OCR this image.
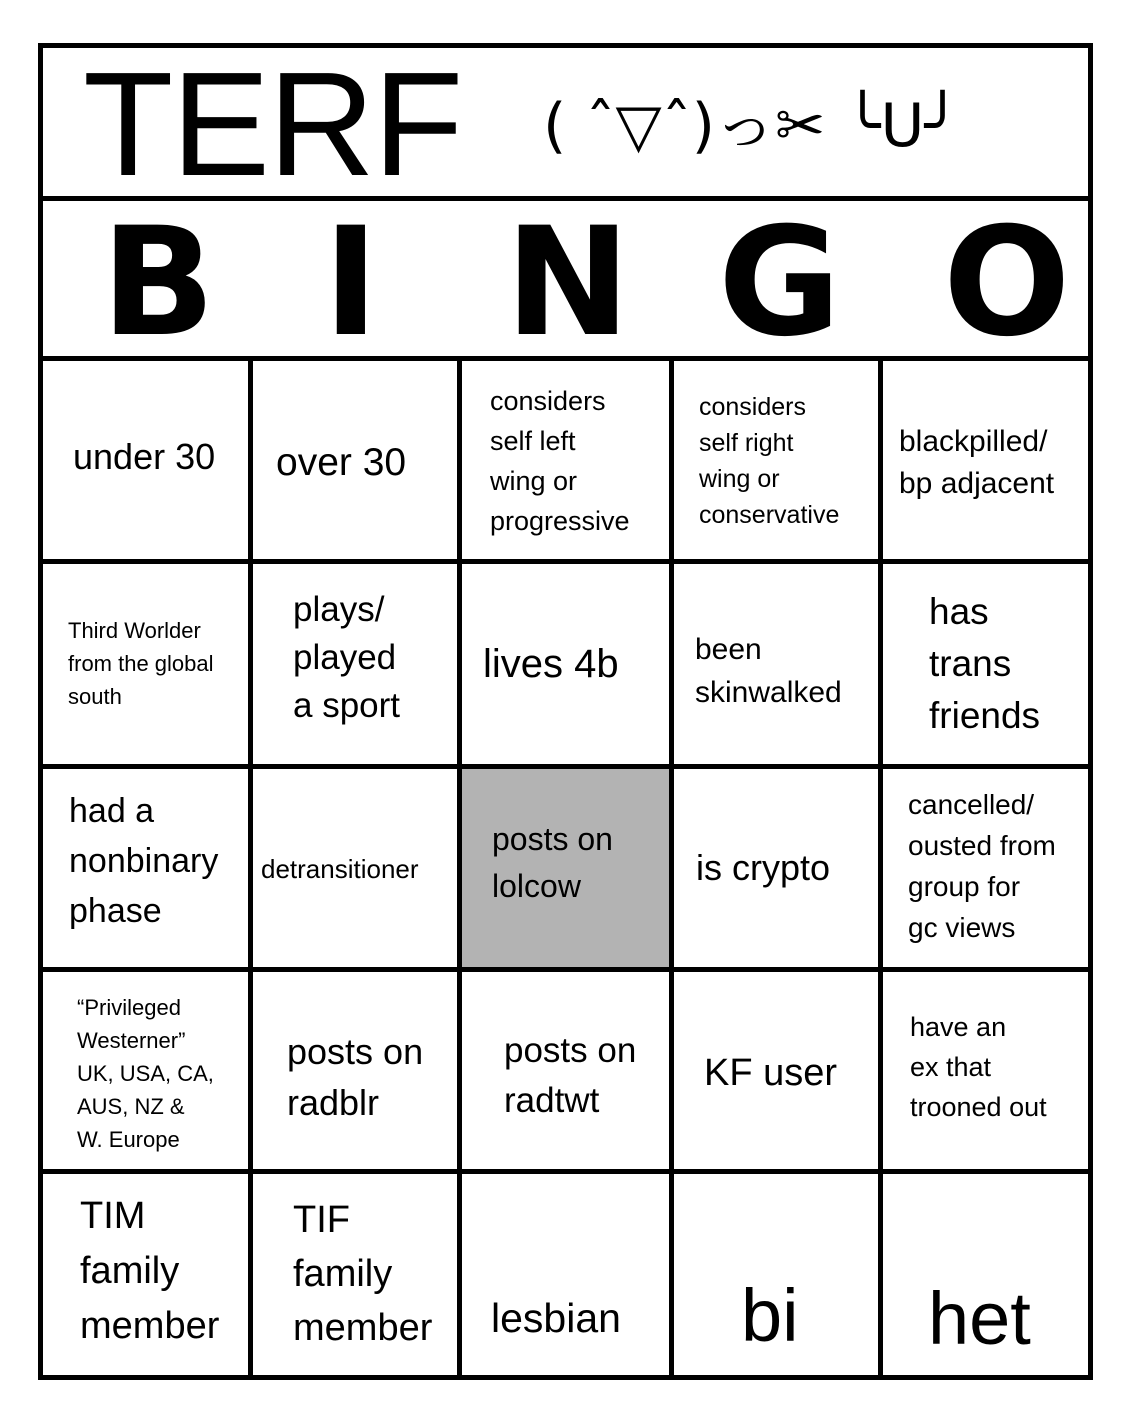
TERF ( ˆ▽ˆ)っ✂ ╰U╯
B I N G O
under 30 over 30
considers
self left
wing or
progressive
considers
self right
wing or
conservative
blackpilled/
bp adjacent
Third Worlder
from the global
south
plays/
played
a sport
lives 4b	been
skinwalked
has
trans
friends
had a
nonbinary
phase
detransitioner
posts on
lolcow	is crypto
cancelled/
ousted from
group for
gc views
“Privileged
Westerner”
UK, USA, CA,
AUS, NZ &
W. Europe
posts on
radblr
posts on
radtwt
KF user
have an
ex that
trooned out
TIM
family
member
TIF
family
member lesbian bi het
